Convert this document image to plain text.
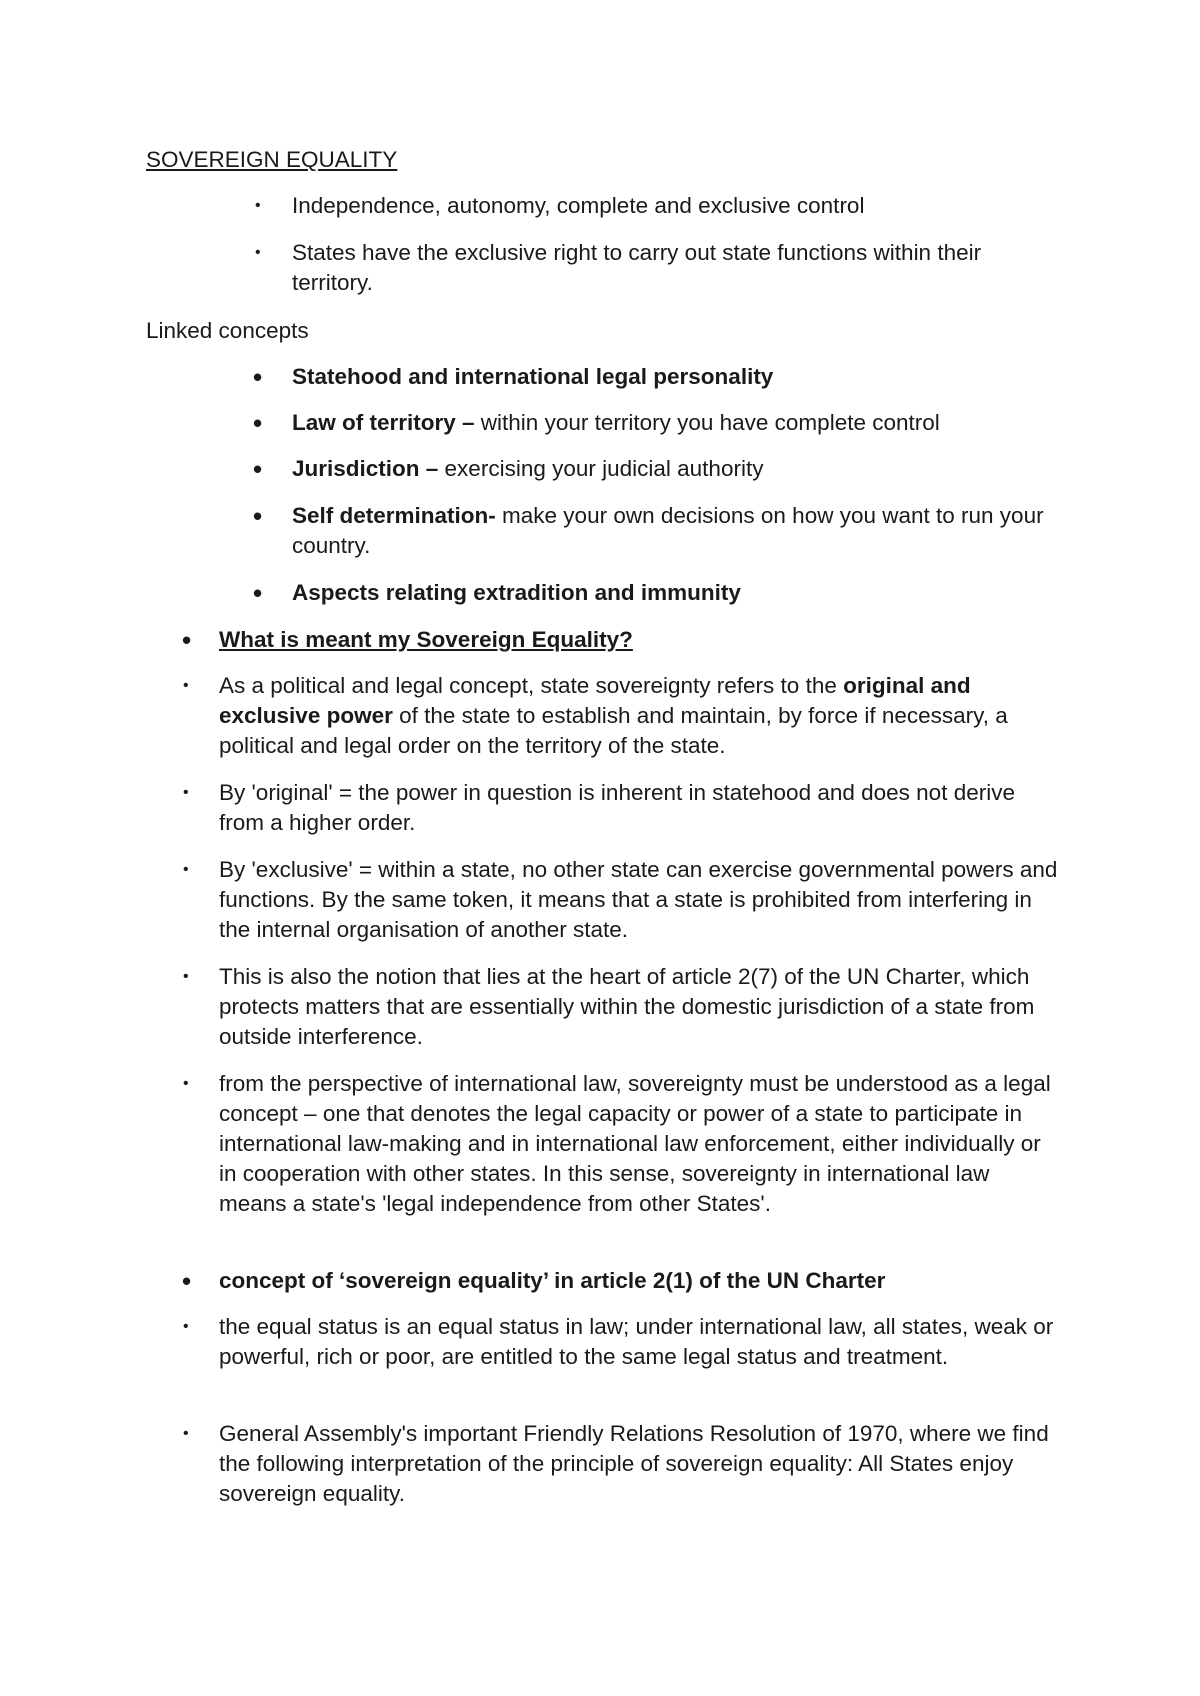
SOVEREIGN EQUALITY
• Independence, autonomy, complete and exclusive control
• States have the exclusive right to carry out state functions within their territory.
Linked concepts
• Statehood and international legal personality
• Law of territory – within your territory you have complete control
• Jurisdiction – exercising your judicial authority
• Self determination- make your own decisions on how you want to run your country.
• Aspects relating extradition and immunity
• What is meant my Sovereign Equality?
• As a political and legal concept, state sovereignty refers to the original and exclusive power of the state to establish and maintain, by force if necessary, a political and legal order on the territory of the state.
• By 'original' = the power in question is inherent in statehood and does not derive from a higher order.
• By 'exclusive' = within a state, no other state can exercise governmental powers and functions. By the same token, it means that a state is prohibited from interfering in the internal organisation of another state.
• This is also the notion that lies at the heart of article 2(7) of the UN Charter, which protects matters that are essentially within the domestic jurisdiction of a state from outside interference.
• from the perspective of international law, sovereignty must be understood as a legal concept – one that denotes the legal capacity or power of a state to participate in international law-making and in international law enforcement, either individually or in cooperation with other states. In this sense, sovereignty in international law means a state's 'legal independence from other States'.
• concept of ‘sovereign equality’ in article 2(1) of the UN Charter
• the equal status is an equal status in law; under international law, all states, weak or powerful, rich or poor, are entitled to the same legal status and treatment.
• General Assembly's important Friendly Relations Resolution of 1970, where we find the following interpretation of the principle of sovereign equality: All States enjoy sovereign equality.
